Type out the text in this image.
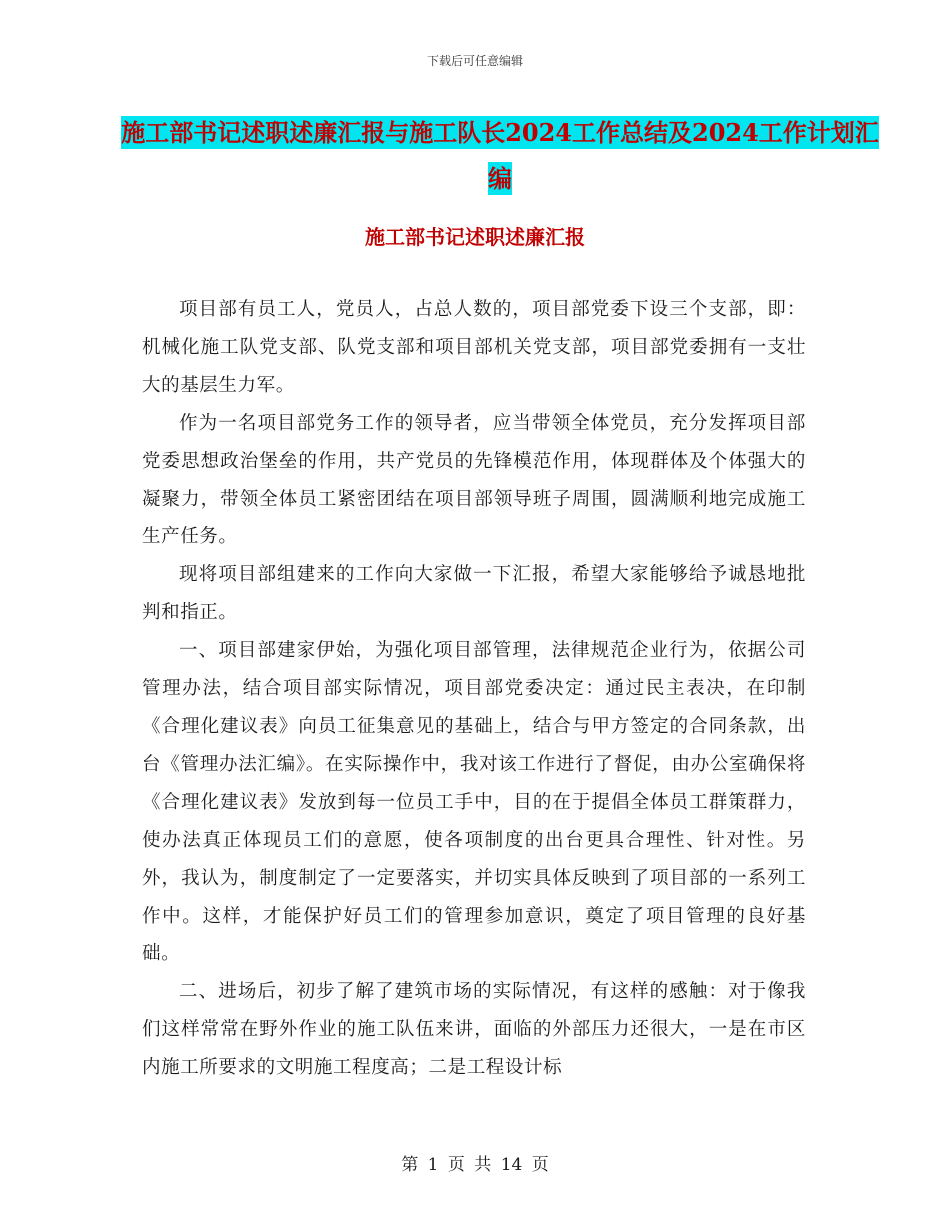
下载后可任意编辑
施工部书记述职述廉汇报与施工队长2024工作总结及2024工作计划汇编
施工部书记述职述廉汇报

项目部有员工人，党员人，占总人数的，项目部党委下设三个支部，即：机械化施工队党支部、队党支部和项目部机关党支部，项目部党委拥有一支壮大的基层生力军。

作为一名项目部党务工作的领导者，应当带领全体党员，充分发挥项目部党委思想政治堡垒的作用，共产党员的先锋模范作用，体现群体及个体强大的凝聚力，带领全体员工紧密团结在项目部领导班子周围，圆满顺利地完成施工生产任务。

现将项目部组建来的工作向大家做一下汇报，希望大家能够给予诚恳地批判和指正。

一、项目部建家伊始，为强化项目部管理，法律规范企业行为，依据公司管理办法，结合项目部实际情况，项目部党委决定：通过民主表决，在印制《合理化建议表》向员工征集意见的基础上，结合与甲方签定的合同条款，出台《管理办法汇编》。在实际操作中，我对该工作进行了督促，由办公室确保将《合理化建议表》发放到每一位员工手中，目的在于提倡全体员工群策群力，使办法真正体现员工们的意愿，使各项制度的出台更具合理性、针对性。另外，我认为，制度制定了一定要落实，并切实具体反映到了项目部的一系列工作中。这样，才能保护好员工们的管理参加意识，奠定了项目管理的良好基础。

二、进场后，初步了解了建筑市场的实际情况，有这样的感触：对于像我们这样常常在野外作业的施工队伍来讲，面临的外部压力还很大，一是在市区内施工所要求的文明施工程度高；二是工程设计标

第 1 页 共 14 页
